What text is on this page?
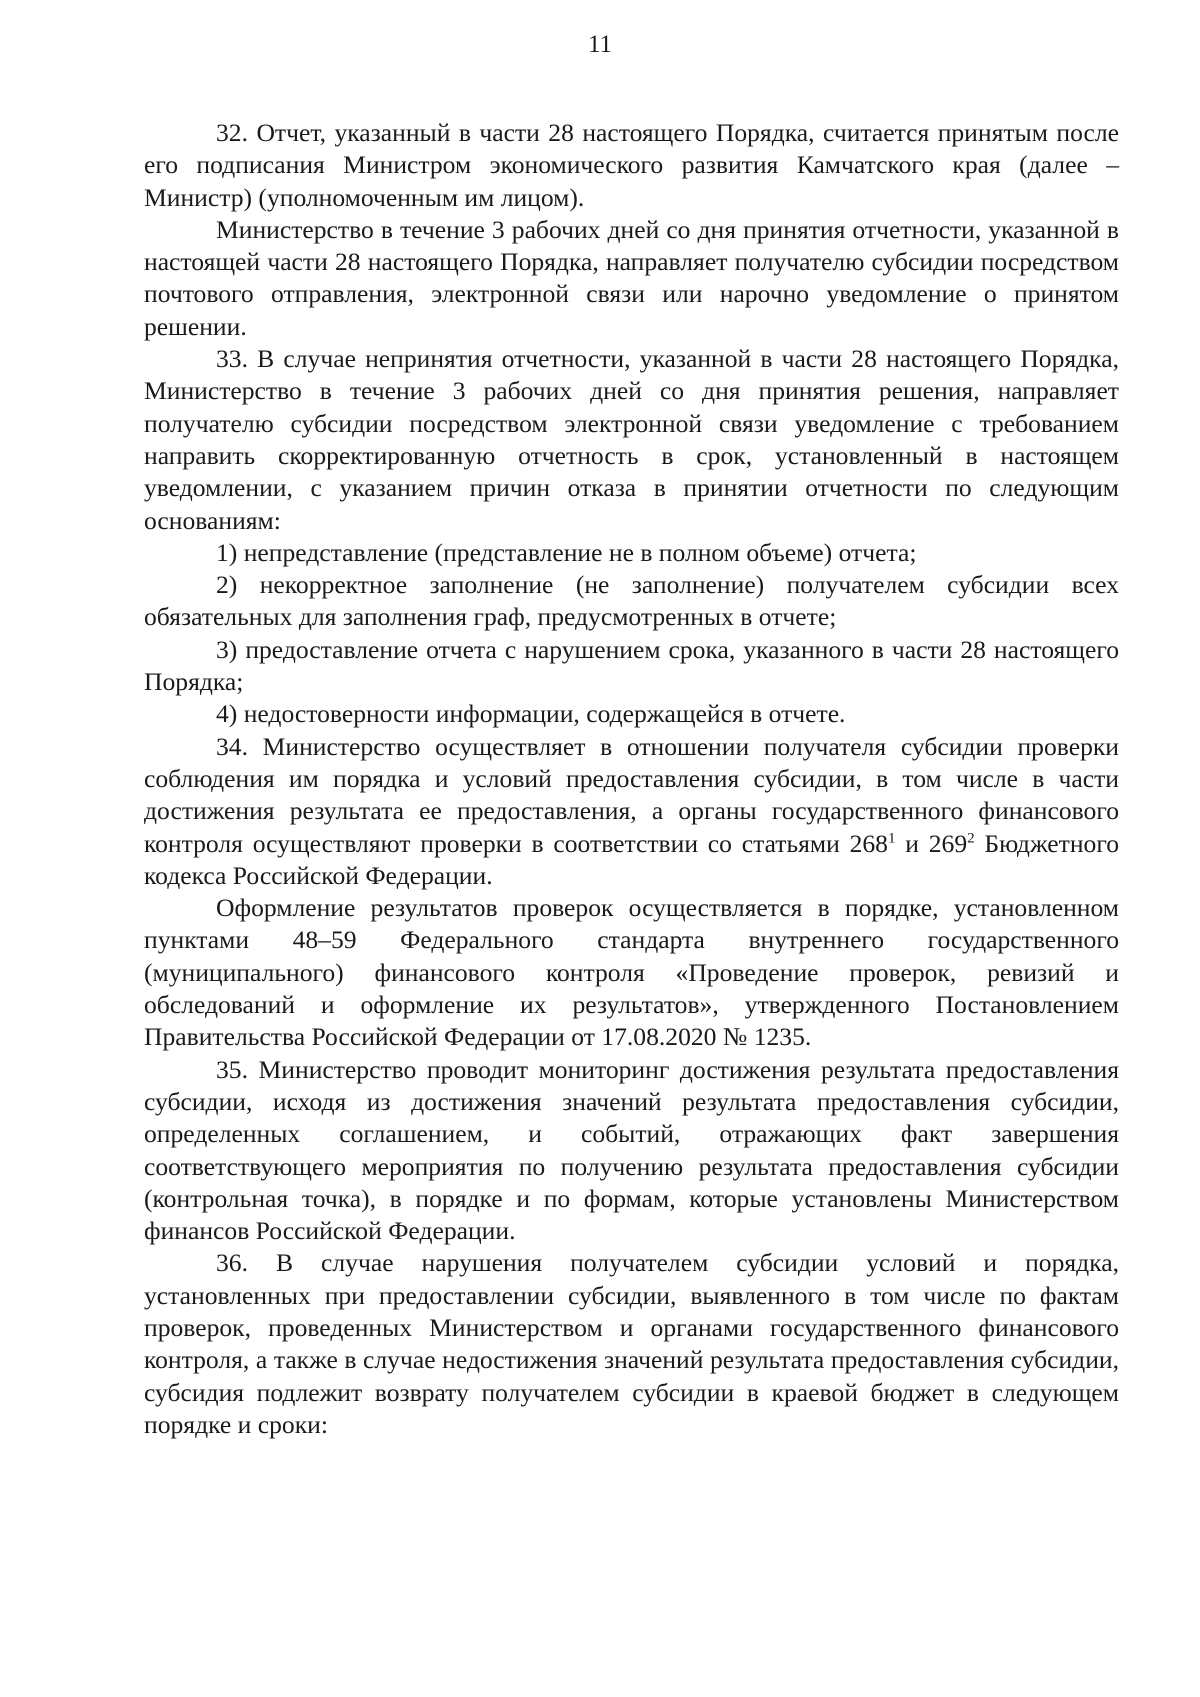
11

32. Отчет, указанный в части 28 настоящего Порядка, считается принятым после его подписания Министром экономического развития Камчатского края (далее – Министр) (уполномоченным им лицом).

Министерство в течение 3 рабочих дней со дня принятия отчетности, указанной в настоящей части 28 настоящего Порядка, направляет получателю субсидии посредством почтового отправления, электронной связи или нарочно уведомление о принятом решении.

33. В случае непринятия отчетности, указанной в части 28 настоящего Порядка, Министерство в течение 3 рабочих дней со дня принятия решения, направляет получателю субсидии посредством электронной связи уведомление с требованием направить скорректированную отчетность в срок, установленный в настоящем уведомлении, с указанием причин отказа в принятии отчетности по следующим основаниям:

1) непредставление (представление не в полном объеме) отчета;

2) некорректное заполнение (не заполнение) получателем субсидии всех обязательных для заполнения граф, предусмотренных в отчете;

3) предоставление отчета с нарушением срока, указанного в части 28 настоящего Порядка;

4) недостоверности информации, содержащейся в отчете.

34. Министерство осуществляет в отношении получателя субсидии проверки соблюдения им порядка и условий предоставления субсидии, в том числе в части достижения результата ее предоставления, а органы государственного финансового контроля осуществляют проверки в соответствии со статьями $268^1$ и $269^2$ Бюджетного кодекса Российской Федерации.

Оформление результатов проверок осуществляется в порядке, установленном пунктами 48–59 Федерального стандарта внутреннего государственного (муниципального) финансового контроля «Проведение проверок, ревизий и обследований и оформление их результатов», утвержденного Постановлением Правительства Российской Федерации от 17.08.2020 № 1235.

35. Министерство проводит мониторинг достижения результата предоставления субсидии, исходя из достижения значений результата предоставления субсидии, определенных соглашением, и событий, отражающих факт завершения соответствующего мероприятия по получению результата предоставления субсидии (контрольная точка), в порядке и по формам, которые установлены Министерством финансов Российской Федерации.

36. В случае нарушения получателем субсидии условий и порядка, установленных при предоставлении субсидии, выявленного в том числе по фактам проверок, проведенных Министерством и органами государственного финансового контроля, а также в случае недостижения значений результата предоставления субсидии, субсидия подлежит возврату получателем субсидии в краевой бюджет в следующем порядке и сроки:
